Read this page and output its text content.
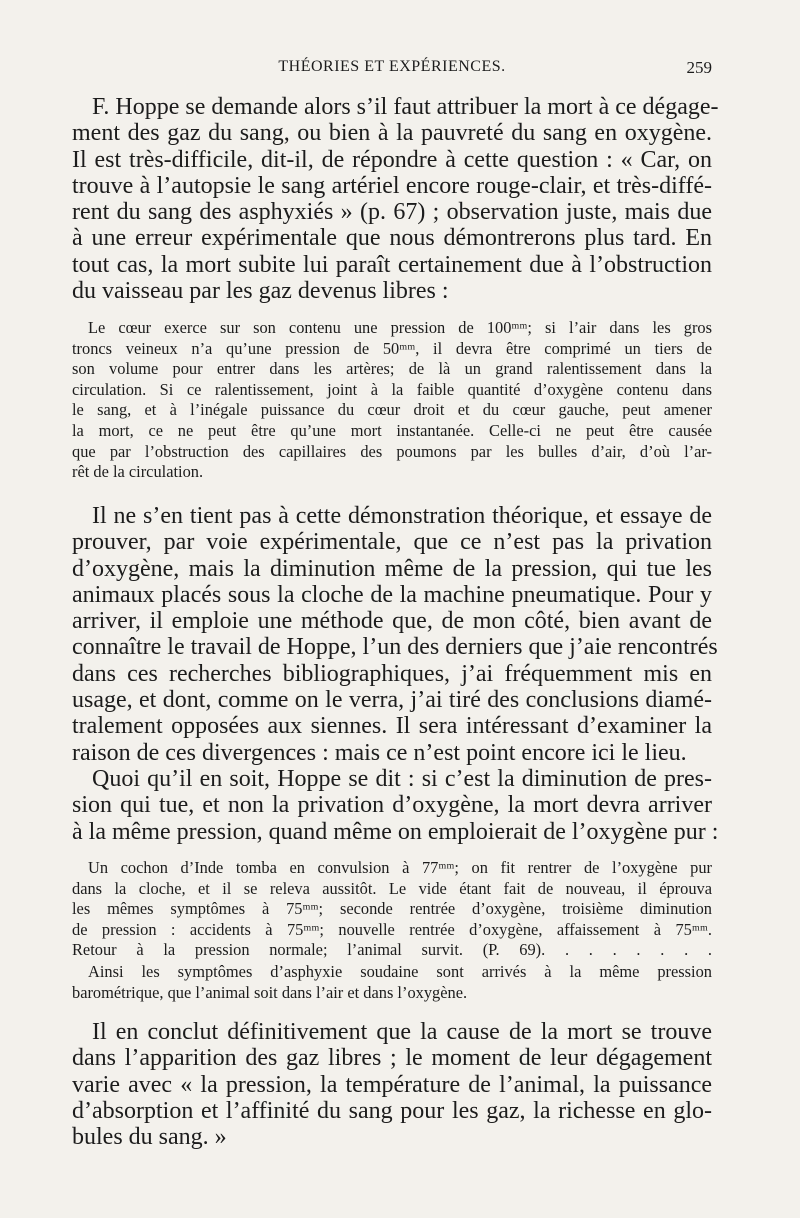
THÉORIES ET EXPÉRIENCES.	259
F. Hoppe se demande alors s’il faut attribuer la mort à ce dégage-
ment des gaz du sang, ou bien à la pauvreté du sang en oxygène.
Il est très-difficile, dit-il, de répondre à cette question : « Car, on
trouve à l’autopsie le sang artériel encore rouge-clair, et très-diffé-
rent du sang des asphyxiés » (p. 67) ; observation juste, mais due
à une erreur expérimentale que nous démontrerons plus tard. En
tout cas, la mort subite lui paraît certainement due à l’obstruction
du vaisseau par les gaz devenus libres :
Le cœur exerce sur son contenu une pression de 100ᵐᵐ; si l’air dans les gros
troncs veineux n’a qu’une pression de 50ᵐᵐ, il devra être comprimé un tiers de
son volume pour entrer dans les artères; de là un grand ralentissement dans la
circulation. Si ce ralentissement, joint à la faible quantité d’oxygène contenu dans
le sang, et à l’inégale puissance du cœur droit et du cœur gauche, peut amener
la mort, ce ne peut être qu’une mort instantanée. Celle-ci ne peut être causée
que par l’obstruction des capillaires des poumons par les bulles d’air, d’où l’ar-
rêt de la circulation.
Il ne s’en tient pas à cette démonstration théorique, et essaye de
prouver, par voie expérimentale, que ce n’est pas la privation
d’oxygène, mais la diminution même de la pression, qui tue les
animaux placés sous la cloche de la machine pneumatique. Pour y
arriver, il emploie une méthode que, de mon côté, bien avant de
connaître le travail de Hoppe, l’un des derniers que j’aie rencontrés
dans ces recherches bibliographiques, j’ai fréquemment mis en
usage, et dont, comme on le verra, j’ai tiré des conclusions diamé-
tralement opposées aux siennes. Il sera intéressant d’examiner la
raison de ces divergences : mais ce n’est point encore ici le lieu.
Quoi qu’il en soit, Hoppe se dit : si c’est la diminution de pres-
sion qui tue, et non la privation d’oxygène, la mort devra arriver
à la même pression, quand même on emploierait de l’oxygène pur :
Un cochon d’Inde tomba en convulsion à 77ᵐᵐ; on fit rentrer de l’oxygène pur
dans la cloche, et il se releva aussitôt. Le vide étant fait de nouveau, il éprouva
les mêmes symptômes à 75ᵐᵐ; seconde rentrée d’oxygène, troisième diminution
de pression : accidents à 75ᵐᵐ; nouvelle rentrée d’oxygène, affaissement à 75ᵐᵐ.
Retour à la pression normale; l’animal survit. (P. 69). . . . . . . .
Ainsi les symptômes d’asphyxie soudaine sont arrivés à la même pression
barométrique, que l’animal soit dans l’air et dans l’oxygène.
Il en conclut définitivement que la cause de la mort se trouve
dans l’apparition des gaz libres ; le moment de leur dégagement
varie avec « la pression, la température de l’animal, la puissance
d’absorption et l’affinité du sang pour les gaz, la richesse en glo-
bules du sang. »
